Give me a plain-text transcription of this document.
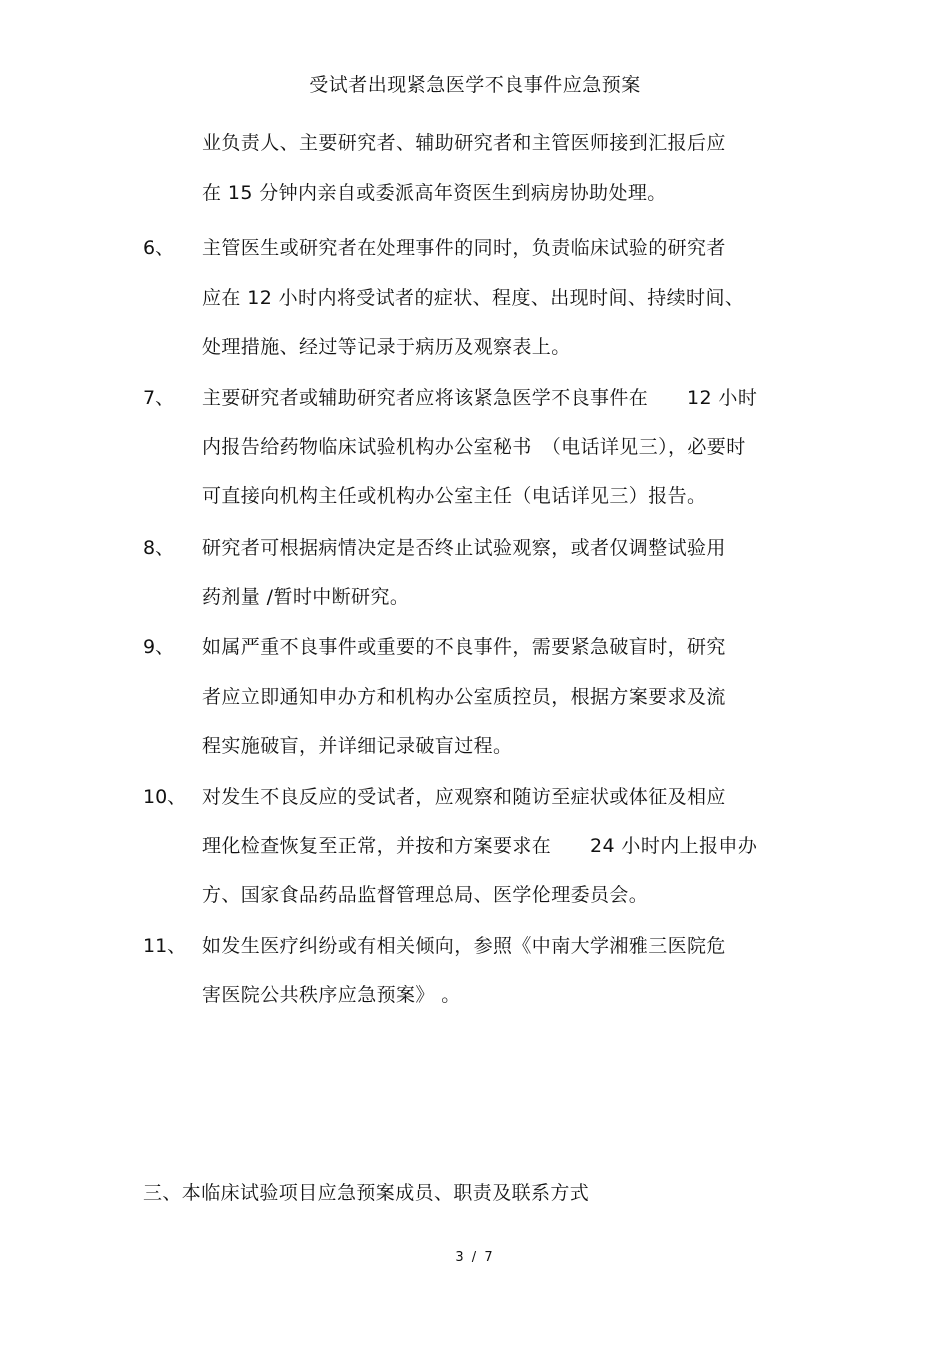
受试者出现紧急医学不良事件应急预案
业负责人、主要研究者、辅助研究者和主管医师接到汇报后应
在 15 分钟内亲自或委派高年资医生到病房协助处理。
6、 主管医生或研究者在处理事件的同时，负责临床试验的研究者
应在 12 小时内将受试者的症状、程度、出现时间、持续时间、
处理措施、经过等记录于病历及观察表上。
7、 主要研究者或辅助研究者应将该紧急医学不良事件在　　12 小时
内报告给药物临床试验机构办公室秘书　（电话详见三），必要时
可直接向机构主任或机构办公室主任（电话详见三）报告。
8、 研究者可根据病情决定是否终止试验观察，或者仅调整试验用
药剂量 /暂时中断研究。
9、 如属严重不良事件或重要的不良事件，需要紧急破盲时，研究
者应立即通知申办方和机构办公室质控员，根据方案要求及流
程实施破盲，并详细记录破盲过程。
10、 对发生不良反应的受试者，应观察和随访至症状或体征及相应
理化检查恢复至正常，并按和方案要求在　　24 小时内上报申办
方、国家食品药品监督管理总局、医学伦理委员会。
11、 如发生医疗纠纷或有相关倾向，参照《中南大学湘雅三医院危
害医院公共秩序应急预案》 。
三、本临床试验项目应急预案成员、职责及联系方式
3 / 7
